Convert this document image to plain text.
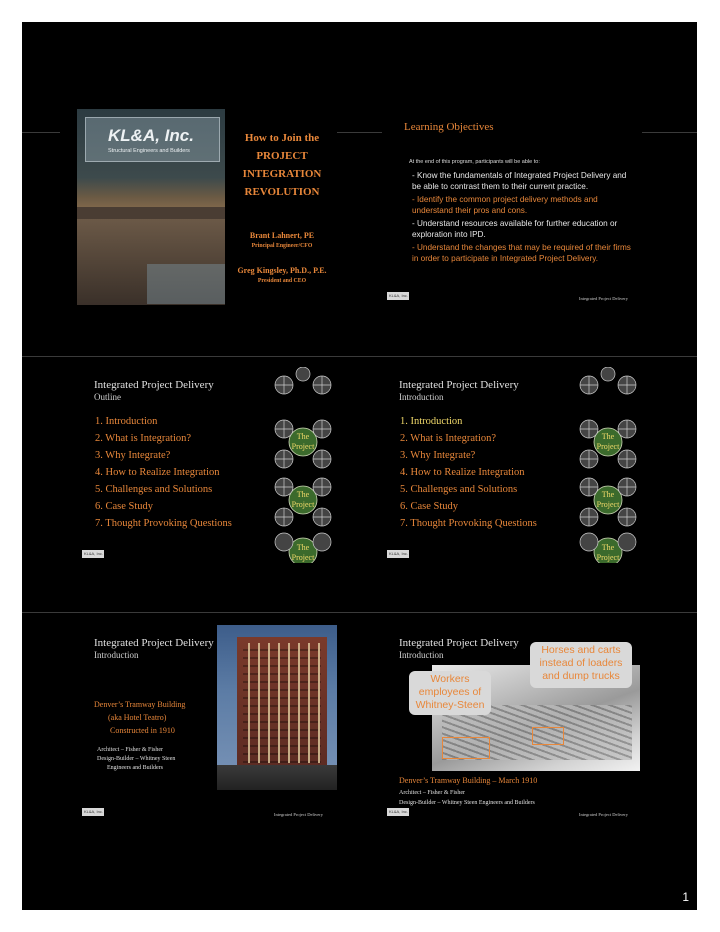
KL&A, Inc.
Structural Engineers and Builders
How to Join the
PROJECT
INTEGRATION
REVOLUTION
Brant Lahnert, PE
Principal Engineer/CFO
Greg Kingsley, Ph.D., P.E.
President and CEO
Learning Objectives
At the end of this program, participants will be able to:
- Know the fundamentals of Integrated Project Delivery and be able to contrast them to their current practice.
- Identify the common project delivery methods and understand their pros and cons.
- Understand resources available for further education or exploration into IPD.
- Understand the changes that may be required of their firms in order to participate in Integrated Project Delivery.
KL&A, Inc.
Integrated Project Delivery
Integrated Project Delivery
Outline
1. Introduction
2. What is Integration?
3. Why Integrate?
4. How to Realize Integration
5. Challenges and Solutions
6. Case Study
7. Thought Provoking Questions
The
Project
The
Project
The
Project
KL&A, Inc.
Integrated Project Delivery
Introduction
1. Introduction
2. What is Integration?
3. Why Integrate?
4. How to Realize Integration
5. Challenges and Solutions
6. Case Study
7. Thought Provoking Questions
The
Project
The
Project
The
Project
KL&A, Inc.
Integrated Project Delivery
Introduction
Denver’s Tramway Building
(aka Hotel Teatro)
Constructed in 1910
Architect – Fisher & Fisher
Design-Builder – Whitney Steen
Engineers and Builders
KL&A, Inc.
Integrated Project Delivery
Integrated Project Delivery
Introduction	Horses and carts instead of loaders and dump trucks
Workers employees of Whitney-Steen
Denver’s Tramway Building – March 1910
Architect – Fisher & Fisher
Design-Builder – Whitney Steen Engineers and Builders
KL&A, Inc.
Integrated Project Delivery
1
